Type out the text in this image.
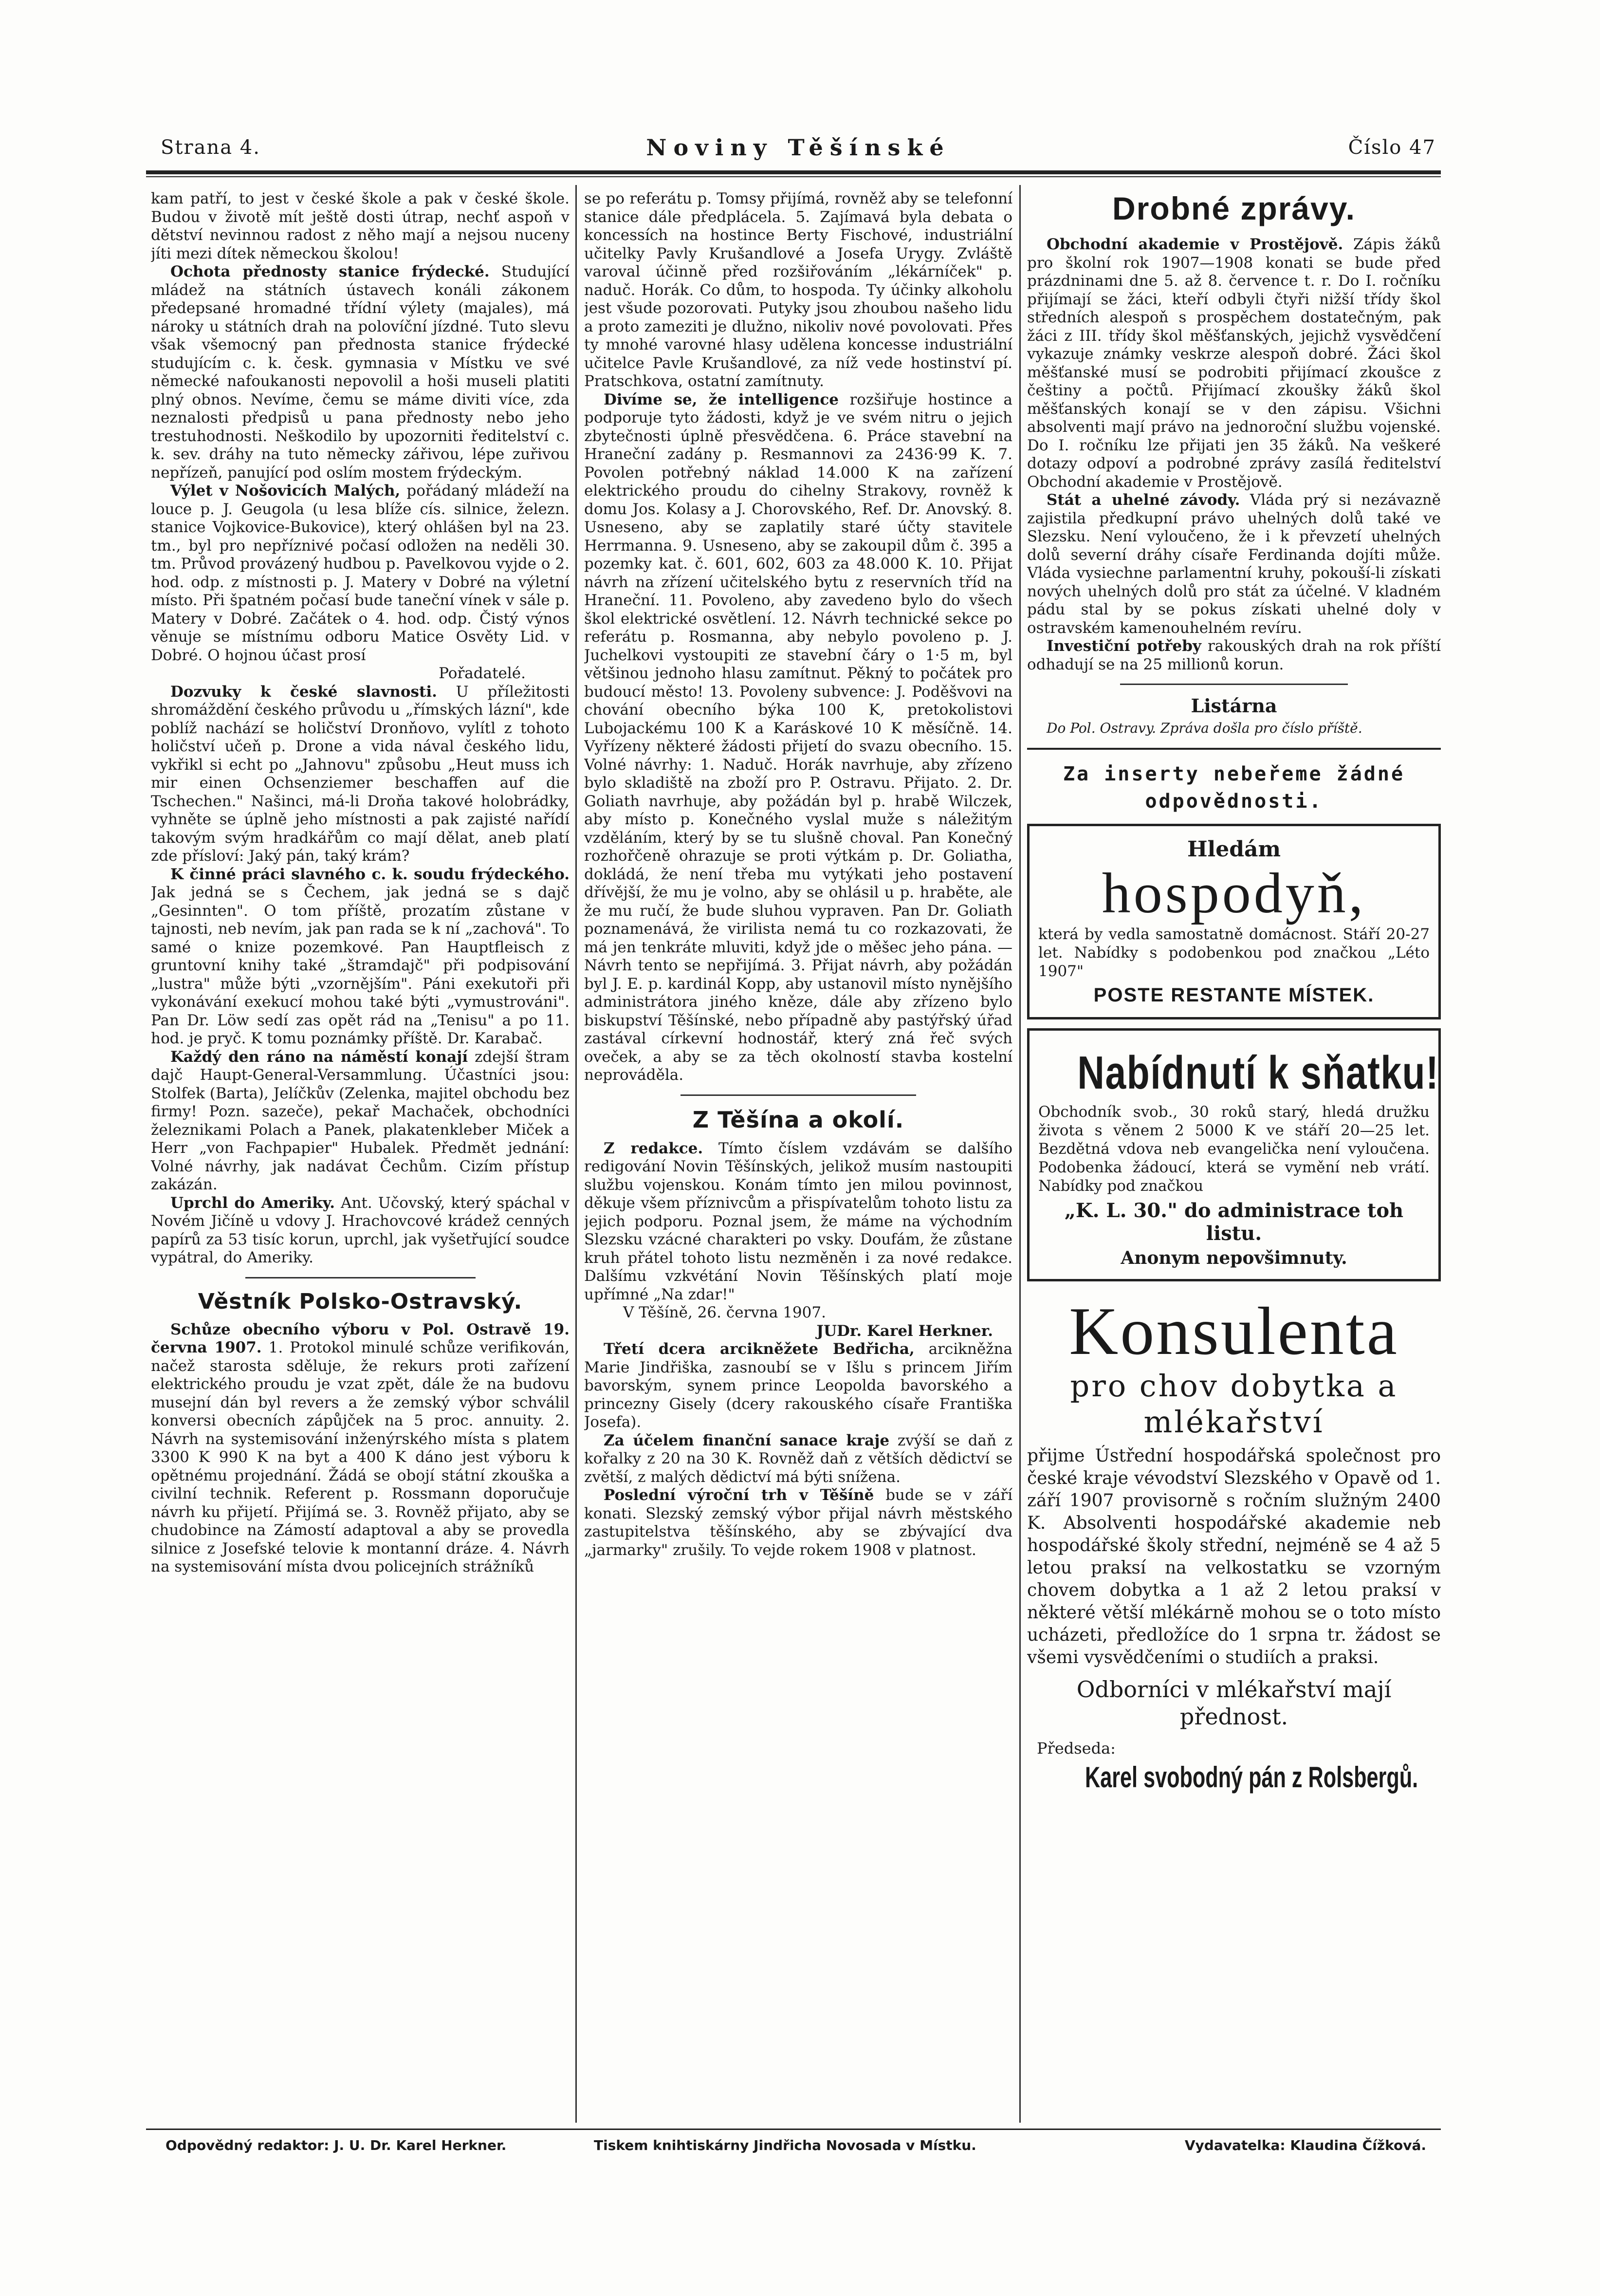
Strana 4.	Noviny Těšínské	Číslo 47

kam patří, to jest v české škole a pak v české škole. Budou v životě mít ještě dosti útrap, nechť aspoň v dětství nevinnou radost z něho mají a nejsou nuceny jíti mezi dítek německou školou!

Ochota přednosty stanice frýdecké. Studující mládež na státních ústavech konáli zákonem předepsané hromadné třídní výlety (majales), má nároky u státních drah na polovíční jízdné. Tuto slevu však všemocný pan přednosta stanice frýdecké studujícím c. k. česk. gymnasia v Místku ve své německé nafoukanosti nepovolil a hoši museli platiti plný obnos. Nevíme, čemu se máme diviti více, zda neznalosti předpisů u pana přednosty nebo jeho trestuhodnosti. Neškodilo by upozorniti ředitelství c. k. sev. dráhy na tuto německy zářivou, lépe zuřivou nepřízeň, panující pod oslím mostem frýdeckým.

Výlet v Nošovicích Malých, pořádaný mládeží na louce p. J. Geugola (u lesa blíže cís. silnice, železn. stanice Vojkovice-Bukovice), který ohlášen byl na 23. tm., byl pro nepříznivé počasí odložen na neděli 30. tm. Průvod provázený hudbou p. Pavelkovou vyjde o 2. hod. odp. z místnosti p. J. Matery v Dobré na výletní místo. Při špatném počasí bude taneční vínek v sále p. Matery v Dobré. Začátek o 4. hod. odp. Čistý výnos věnuje se místnímu odboru Matice Osvěty Lid. v Dobré. O hojnou účast prosí

Pořadatelé.

Dozvuky k české slavnosti. U příležitosti shromáždění českého průvodu u „římských lázní", kde poblíž nachází se holičství Dronňovo, vylítl z tohoto holičství učeň p. Drone a vida nával českého lidu, vykřikl si echt po „Jahnovu" způsobu „Heut muss ich mir einen Ochsenziemer beschaffen auf die Tschechen." Našinci, má-li Droňa takové holobrádky, vyhněte se úplně jeho místnosti a pak zajisté nařídí takovým svým hradkářům co mají dělat, aneb platí zde přísloví: Jaký pán, taký krám?

K činné práci slavného c. k. soudu frýdeckého. Jak jedná se s Čechem, jak jedná se s dajč „Gesinnten". O tom příště, prozatím zůstane v tajnosti, neb nevím, jak pan rada se k ní „zachová". To samé o knize pozemkové. Pan Hauptfleisch z gruntovní knihy také „štramdajč" při podpisování „lustra" může býti „vzornějším". Páni exekutoři při vykonávání exekucí mohou také býti „vymustrováni". Pan Dr. Löw sedí zas opět rád na „Tenisu" a po 11. hod. je pryč. K tomu poznámky příště. Dr. Karabač.

Každý den ráno na náměstí konají zdejší štram dajč Haupt-General-Versammlung. Účastníci jsou: Stolfek (Barta), Jelíčkův (Zelenka, majitel obchodu bez firmy! Pozn. sazeče), pekař Machaček, obchodníci železnikami Polach a Panek, plakatenkleber Miček a Herr „von Fachpapier" Hubalek. Předmět jednání: Volné návrhy, jak nadávat Čechům. Cizím přístup zakázán.

Uprchl do Ameriky. Ant. Učovský, který spáchal v Novém Jičíně u vdovy J. Hrachovcové krádež cenných papírů za 53 tisíc korun, uprchl, jak vyšetřující soudce vypátral, do Ameriky.

Věstník Polsko-Ostravský.

Schůze obecního výboru v Pol. Ostravě 19. června 1907. 1. Protokol minulé schůze verifikován, načež starosta sděluje, že rekurs proti zařízení elektrického proudu je vzat zpět, dále že na budovu musejní dán byl revers a že zemský výbor schválil konversi obecních zápůjček na 5 proc. annuity. 2. Návrh na systemisování inženýrského místa s platem 3300 K 990 K na byt a 400 K dáno jest výboru k opětnému projednání. Žádá se obojí státní zkouška a civilní technik. Referent p. Rossmann doporučuje návrh ku přijetí. Přijímá se. 3. Rovněž přijato, aby se chudobince na Zámostí adaptoval a aby se provedla silnice z Josefské telovie k montanní dráze. 4. Návrh na systemisování místa dvou policejních strážníků

se po referátu p. Tomsy přijímá, rovněž aby se telefonní stanice dále předplácela. 5. Zajímavá byla debata o koncessích na hostince Berty Fischové, industriální učitelky Pavly Krušandlové a Josefa Urygy. Zvláště varoval účinně před rozšiřováním „lékárníček" p. naduč. Horák. Co dům, to hospoda. Ty účinky alkoholu jest všude pozorovati. Putyky jsou zhoubou našeho lidu a proto zameziti je dlužno, nikoliv nové povolovati. Přes ty mnohé varovné hlasy udělena koncesse industriální učitelce Pavle Krušandlové, za níž vede hostinství pí. Pratschkova, ostatní zamítnuty.

Divíme se, že intelligence rozšiřuje hostince a podporuje tyto žádosti, když je ve svém nitru o jejich zbytečnosti úplně přesvědčena. 6. Práce stavební na Hraneční zadány p. Resmannovi za 2436·99 K. 7. Povolen potřebný náklad 14.000 K na zařízení elektrického proudu do cihelny Strakovy, rovněž k domu Jos. Kolasy a J. Chorovského, Ref. Dr. Anovský. 8. Usneseno, aby se zaplatily staré účty stavitele Herrmanna. 9. Usneseno, aby se zakoupil dům č. 395 a pozemky kat. č. 601, 602, 603 za 48.000 K. 10. Přijat návrh na zřízení učitelského bytu z reservních tříd na Hraneční. 11. Povoleno, aby zavedeno bylo do všech škol elektrické osvětlení. 12. Návrh technické sekce po referátu p. Rosmanna, aby nebylo povoleno p. J. Juchelkovi vystoupiti ze stavební čáry o 1·5 m, byl většinou jednoho hlasu zamítnut. Pěkný to počátek pro budoucí město! 13. Povoleny subvence: J. Poděšvovi na chování obecního býka 100 K, pretokolistovi Lubojackému 100 K a Karáskové 10 K měsíčně. 14. Vyřízeny některé žádosti přijetí do svazu obecního. 15. Volné návrhy: 1. Naduč. Horák navrhuje, aby zřízeno bylo skladiště na zboží pro P. Ostravu. Přijato. 2. Dr. Goliath navrhuje, aby požádán byl p. hrabě Wilczek, aby místo p. Konečného vyslal muže s náležitým vzděláním, který by se tu slušně choval. Pan Konečný rozhořčeně ohrazuje se proti výtkám p. Dr. Goliatha, dokládá, že není třeba mu vytýkati jeho postavení dřívější, že mu je volno, aby se ohlásil u p. hraběte, ale že mu ručí, že bude sluhou vypraven. Pan Dr. Goliath poznamenává, že virilista nemá tu co rozkazovati, že má jen tenkráte mluviti, když jde o měšec jeho pána. — Návrh tento se nepřijímá. 3. Přijat návrh, aby požádán byl J. E. p. kardinál Kopp, aby ustanovil místo nynějšího administrátora jiného kněze, dále aby zřízeno bylo biskupství Těšínské, nebo případně aby pastýřský úřad zastával církevní hodnostář, který zná řeč svých oveček, a aby se za těch okolností stavba kostelní neprováděla.

Z Těšína a okolí.

Z redakce. Tímto číslem vzdávám se dalšího redigování Novin Těšínských, jelikož musím nastoupiti službu vojenskou. Konám tímto jen milou povinnost, děkuje všem příznivcům a přispívatelům tohoto listu za jejich podporu. Poznal jsem, že máme na východním Slezsku vzácné charakteri po vsky. Doufám, že zůstane kruh přátel tohoto listu nezměněn i za nové redakce. Dalšímu vzkvétání Novin Těšínských platí moje upřímné „Na zdar!"

V Těšíně, 26. června 1907.

JUDr. Karel Herkner.

Třetí dcera arcikněžete Bedřicha, arcikněžna Marie Jindřiška, zasnoubí se v Išlu s princem Jiřím bavorským, synem prince Leopolda bavorského a princezny Gisely (dcery rakouského císaře Františka Josefa).

Za účelem finanční sanace kraje zvýší se daň z kořalky z 20 na 30 K. Rovněž daň z větších dědictví se zvětší, z malých dědictví má býti snížena.

Poslední výroční trh v Těšíně bude se v září konati. Slezský zemský výbor přijal návrh městského zastupitelstva těšínského, aby se zbývající dva „jarmarky" zrušily. To vejde rokem 1908 v platnost.

Drobné zprávy.

Obchodní akademie v Prostějově. Zápis žáků pro školní rok 1907—1908 konati se bude před prázdninami dne 5. až 8. července t. r. Do I. ročníku přijímají se žáci, kteří odbyli čtyři nižší třídy škol středních alespoň s prospěchem dostatečným, pak žáci z III. třídy škol měšťanských, jejichž vysvědčení vykazuje známky veskrze alespoň dobré. Žáci škol měšťanské musí se podrobiti přijímací zkoušce z češtiny a počtů. Přijímací zkoušky žáků škol měšťanských konají se v den zápisu. Všichni absolventi mají právo na jednoroční službu vojenské. Do I. ročníku lze přijati jen 35 žáků. Na veškeré dotazy odpoví a podrobné zprávy zasílá ředitelství Obchodní akademie v Prostějově.

Stát a uhelné závody. Vláda prý si nezávazně zajistila předkupní právo uhelných dolů také ve Slezsku. Není vyloučeno, že i k převzetí uhelných dolů severní dráhy císaře Ferdinanda dojíti může. Vláda vysiechne parlamentní kruhy, pokouší-li získati nových uhelných dolů pro stát za účelné. V kladném pádu stal by se pokus získati uhelné doly v ostravském kamenouhelném revíru.

Investiční potřeby rakouských drah na rok příští odhadují se na 25 millionů korun.

Listárna

Do Pol. Ostravy. Zpráva došla pro číslo příště.

Za inserty nebeřeme žádné odpovědnosti.
Hledám
hospodyň,
která by vedla samostatně domácnost. Stáří 20-27 let. Nabídky s podobenkou pod značkou „Léto 1907"
POSTE RESTANTE MÍSTEK.
Nabídnutí k sňatku!
Obchodník svob., 30 roků starý, hledá družku života s věnem 2 5000 K ve stáří 20—25 let. Bezdětná vdova neb evangelička není vyloučena. Podobenka žádoucí, která se vymění neb vrátí. Nabídky pod značkou
„K. L. 30." do administrace toh listu.
Anonym nepovšimnuty.
Konsulenta
pro chov dobytka a
mlékařství
přijme Ústřední hospodářská společnost pro české kraje vévodství Slezského v Opavě od 1. září 1907 provisorně s ročním služným 2400 K. Absolventi hospodářské akademie neb hospodářské školy střední, nejméně se 4 až 5 letou praksí na velkostatku se vzorným chovem dobytka a 1 až 2 letou praksí v některé větší mlékárně mohou se o toto místo ucházeti, předložíce do 1 srpna tr. žádost se všemi vysvědčeními o studiích a praksi.
Odborníci v mlékařství mají přednost.
Předseda:
Karel svobodný pán z Rolsbergů.
Odpovědný redaktor: J. U. Dr. Karel Herkner.	Tiskem knihtiskárny Jindřicha Novosada v Místku.	Vydavatelka: Klaudina Čížková.
